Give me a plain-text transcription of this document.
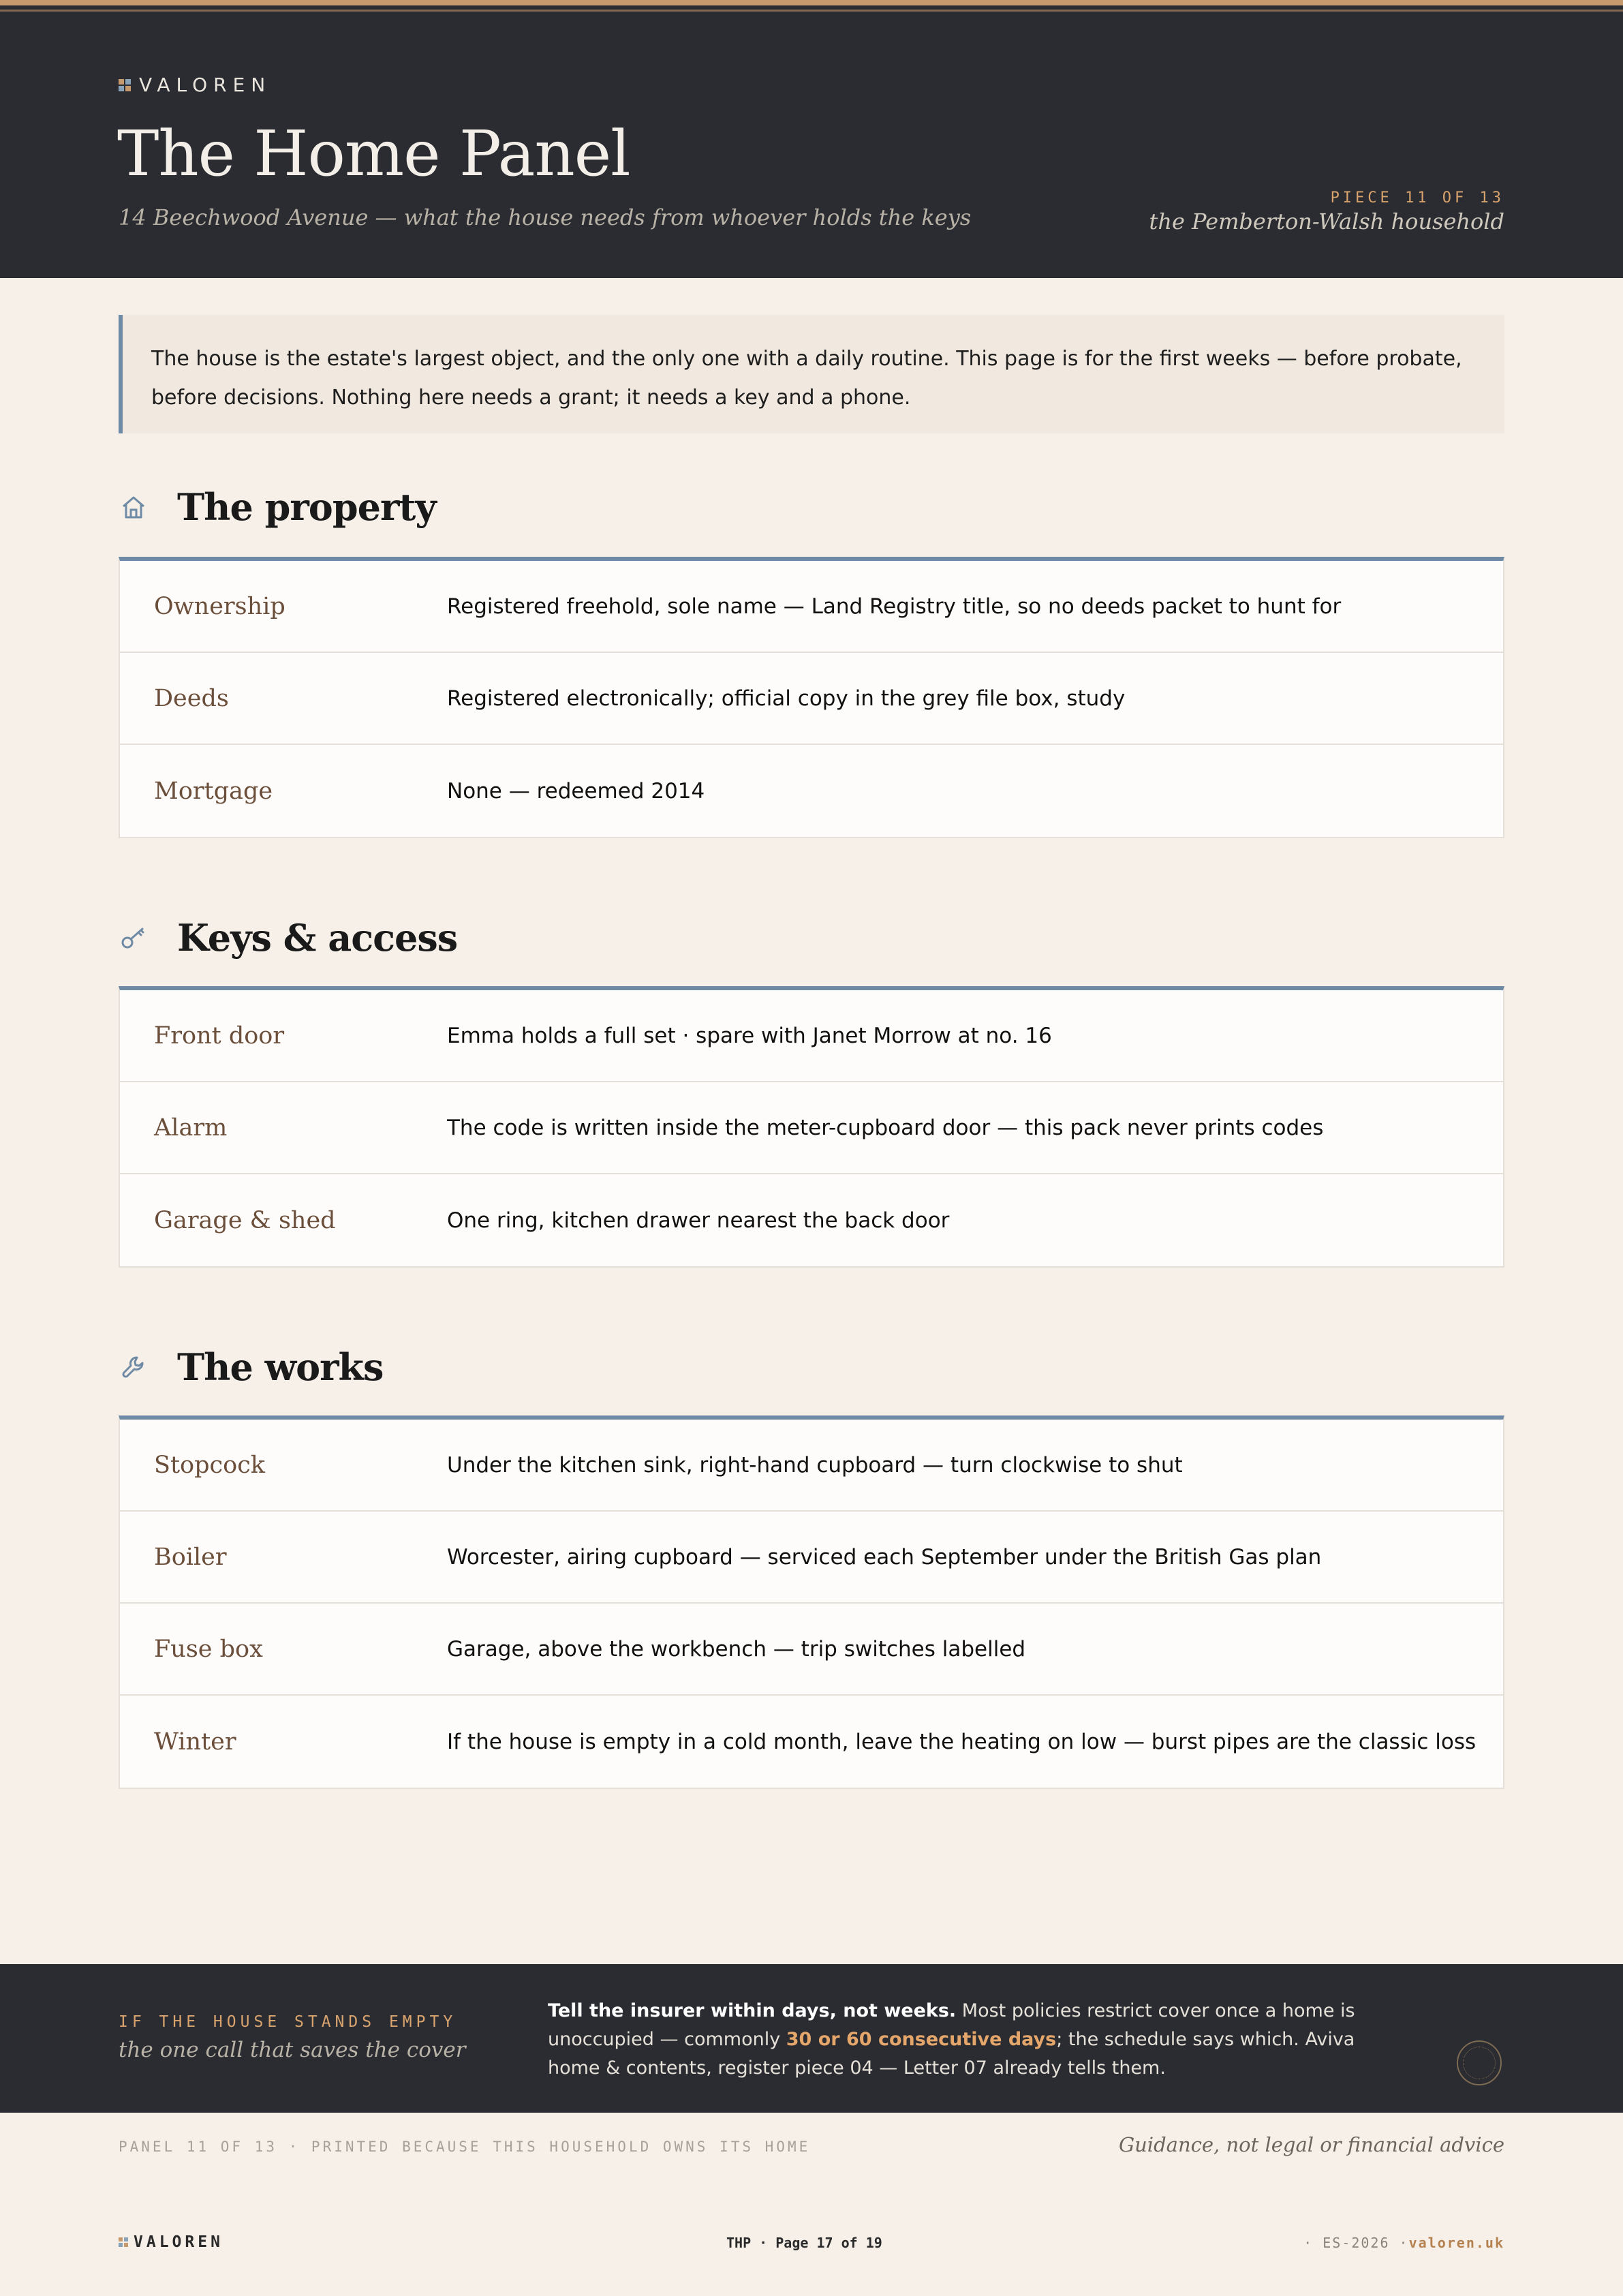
VALOREN
The Home Panel
14 Beechwood Avenue — what the house needs from whoever holds the keys
PIECE 11 OF 13
the Pemberton-Walsh household
The house is the estate's largest object, and the only one with a daily routine. This page is for the first weeks — before probate, before decisions. Nothing here needs a grant; it needs a key and a phone.
The property
Ownership	Registered freehold, sole name — Land Registry title, so no deeds packet to hunt for
Deeds	Registered electronically; official copy in the grey file box, study
Mortgage	None — redeemed 2014
Keys & access
Front door	Emma holds a full set · spare with Janet Morrow at no. 16
Alarm	The code is written inside the meter-cupboard door — this pack never prints codes
Garage & shed	One ring, kitchen drawer nearest the back door
The works
Stopcock	Under the kitchen sink, right-hand cupboard — turn clockwise to shut
Boiler	Worcester, airing cupboard — serviced each September under the British Gas plan
Fuse box	Garage, above the workbench — trip switches labelled
Winter	If the house is empty in a cold month, leave the heating on low — burst pipes are the classic loss
IF THE HOUSE STANDS EMPTY
the one call that saves the cover
Tell the insurer within days, not weeks. Most policies restrict cover once a home is unoccupied — commonly 30 or 60 consecutive days; the schedule says which. Aviva home & contents, register piece 04 — Letter 07 already tells them.
PANEL 11 OF 13 · PRINTED BECAUSE THIS HOUSEHOLD OWNS ITS HOME	Guidance, not legal or financial advice
VALOREN	THP · Page 17 of 19	· ES-2026 ·valoren.uk
